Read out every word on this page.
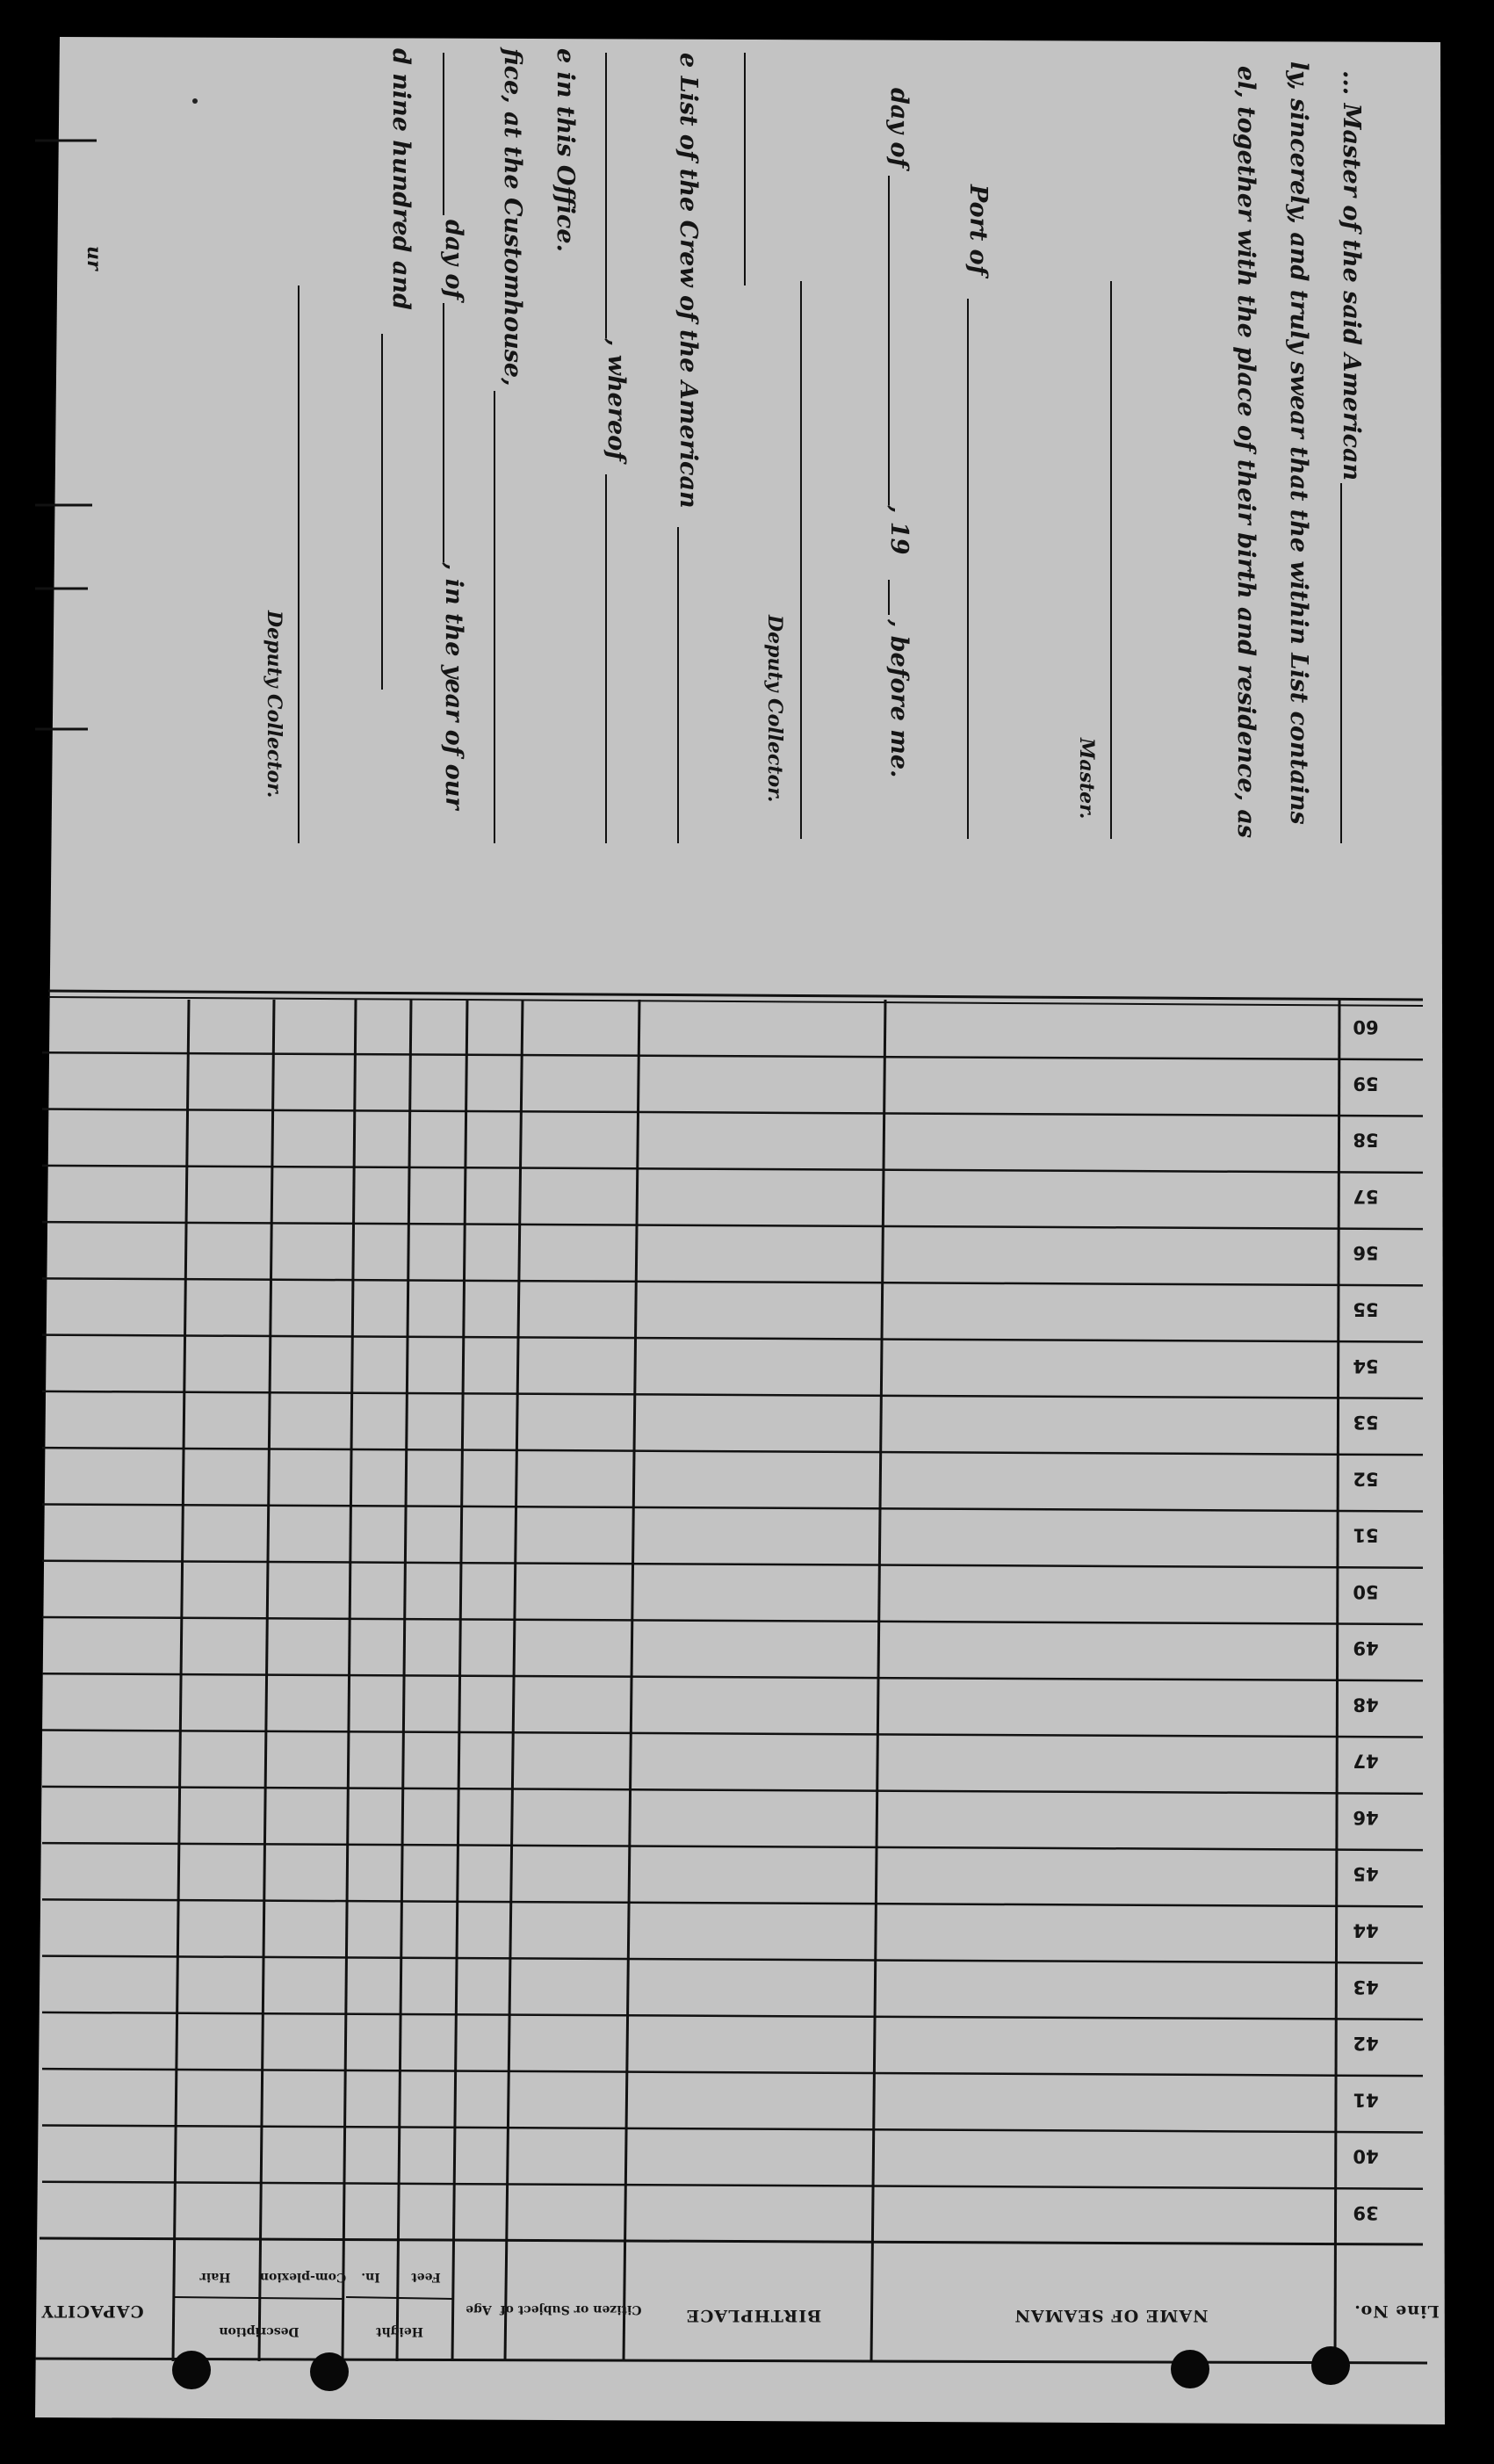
... Master of the said American
ly, sincerely, and truly swear that the within List contains
el, together with the place of their birth and residence, as
Master.
Port of
day of
, 19
, before me.
Deputy Collector.
e List of the Crew of the American
, whereof
e in this Office.
fice, at the Customhouse,
day of
, in the year of our
d nine hundred and
Deputy Collector.
ur
39
40
41
42
43
44
45
46
47
48
49
50
51
52
53
54
55
56
57
58
59
60
Line No.
NAME OF SEAMAN
BIRTHPLACE
Citizen or Subject of
Age
Height
Feet
In.
Description
Com-plexion
Hair
CAPACITY
